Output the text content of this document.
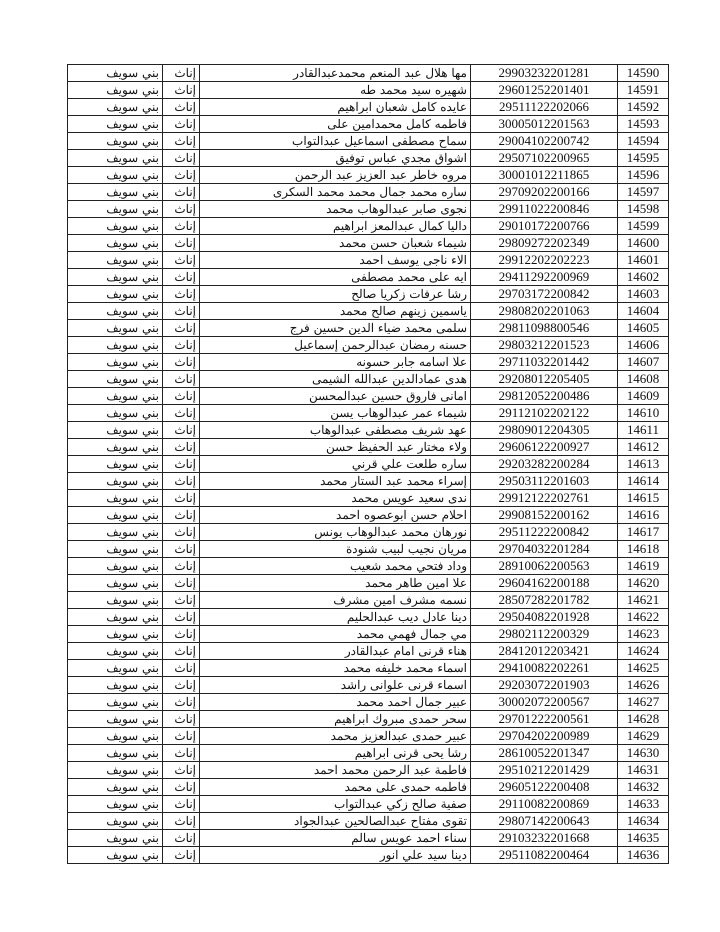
بني سويف	إناث	مها هلال عبد المنعم محمدعبدالقادر	29903232201281	14590
بني سويف	إناث	شهيره سيد محمد طه	29601252201401	14591
بني سويف	إناث	عايده كامل شعبان ابراهيم	29511122202066	14592
بني سويف	إناث	فاطمه كامل محمدامين على	30005012201563	14593
بني سويف	إناث	سماح مصطفى اسماعيل عبدالتواب	29004102200742	14594
بني سويف	إناث	اشواق مجدي عباس توفيق	29507102200965	14595
بني سويف	إناث	مروه خاطر عبد العزيز عبد الرحمن	30001012211865	14596
بني سويف	إناث	ساره محمد جمال محمد محمد السكرى	29709202200166	14597
بني سويف	إناث	نجوى صابر عبدالوهاب محمد	29911022200846	14598
بني سويف	إناث	داليا كمال عبدالمعز ابراهيم	29010172200766	14599
بني سويف	إناث	شيماء شعبان حسن محمد	29809272202349	14600
بني سويف	إناث	الاء ناجى يوسف احمد	29912202202223	14601
بني سويف	إناث	ايه على محمد مصطفى	29411292200969	14602
بني سويف	إناث	رشا عرفات زكريا صالح	29703172200842	14603
بني سويف	إناث	ياسمين زينهم صالح محمد	29808202201063	14604
بني سويف	إناث	سلمى محمد ضياء الدين حسين فرج	29811098800546	14605
بني سويف	إناث	حسنه رمضان عبدالرحمن إسماعيل	29803212201523	14606
بني سويف	إناث	علا اسامه جابر حسونه	29711032201442	14607
بني سويف	إناث	هدى عمادالدين عبدالله الشيمى	29208012205405	14608
بني سويف	إناث	امانى فاروق حسين عبدالمحسن	29812052200486	14609
بني سويف	إناث	شيماء عمر عبدالوهاب يسن	29112102202122	14610
بني سويف	إناث	عهد شريف مصطفى عبدالوهاب	29809012204305	14611
بني سويف	إناث	ولاء مختار عبد الحفيظ حسن	29606122200927	14612
بني سويف	إناث	ساره طلعت علي قرني	29203282200284	14613
بني سويف	إناث	إسراء محمد عبد الستار محمد	29503112201603	14614
بني سويف	إناث	ندى سعيد عويس محمد	29912122202761	14615
بني سويف	إناث	احلام حسن ابوعصوه احمد	29908152200162	14616
بني سويف	إناث	نورهان محمد عبدالوهاب يونس	29511222200842	14617
بني سويف	إناث	مريان نجيب لبيب شنودة	29704032201284	14618
بني سويف	إناث	وداد فتحي محمد شعيب	28910062200563	14619
بني سويف	إناث	علا امين طاهر محمد	29604162200188	14620
بني سويف	إناث	نسمه مشرف امين مشرف	28507282201782	14621
بني سويف	إناث	دينا عادل ديب عبدالحليم	29504082201928	14622
بني سويف	إناث	مي جمال فهمي محمد	29802112200329	14623
بني سويف	إناث	هناء قرنى امام عبدالقادر	28412012203421	14624
بني سويف	إناث	اسماء محمد خليفه محمد	29410082202261	14625
بني سويف	إناث	اسماء قرنى علوانى راشد	29203072201903	14626
بني سويف	إناث	عبير جمال احمد محمد	30002072200567	14627
بني سويف	إناث	سحر حمدى مبروك ابراهيم	29701222200561	14628
بني سويف	إناث	عبير حمدى عبدالعزيز محمد	29704202200989	14629
بني سويف	إناث	رشا يحى قرنى ابراهيم	28610052201347	14630
بني سويف	إناث	فاطمة عبد الرحمن محمد احمد	29510212201429	14631
بني سويف	إناث	فاطمه حمدى على محمد	29605122200408	14632
بني سويف	إناث	صفية صالح زكي عبدالتواب	29110082200869	14633
بني سويف	إناث	تقوى مفتاح عبدالصالحين عبدالجواد	29807142200643	14634
بني سويف	إناث	سناء احمد عويس سالم	29103232201668	14635
بني سويف	إناث	دينا سيد علي انور	29511082200464	14636
